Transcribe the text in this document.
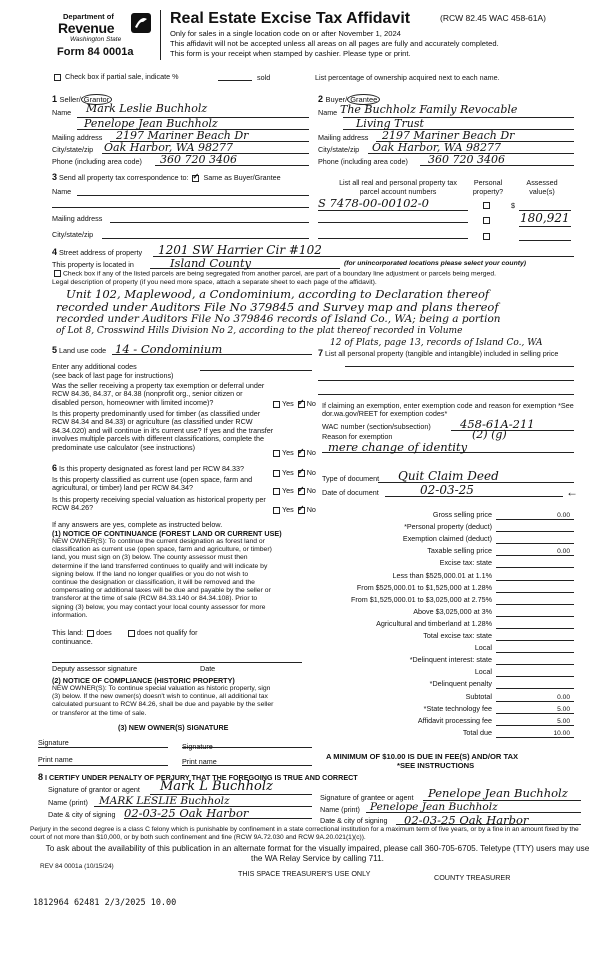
Department of
Revenue
Washington State
Form 84 0001a
Real Estate Excise Tax Affidavit	(RCW 82.45 WAC 458-61A)
Only for sales in a single location code on or after November 1, 2024
This affidavit will not be accepted unless all areas on all pages are fully and accurately completed.
This form is your receipt when stamped by cashier. Please type or print.
Check box if partial sale, indicate %	sold	List percentage of ownership acquired next to each name.
1 Seller/ Grantor
Name Mark Leslie Buchholz
Penelope Jean Buchholz
Mailing address 2197 Mariner Beach Dr
City/state/zip Oak Harbor, WA 98277
Phone (including area code) 360 720 3406
2 Buyer/ Grantee
Name The Buchholz Family Revocable
Living Trust
Mailing address 2197 Mariner Beach Dr
City/state/zip Oak Harbor, WA 98277
Phone (including area code) 360 720 3406
3 Send all property tax correspondence to: ✓ Same as Buyer/Grantee
Name
Mailing address
City/state/zip
List all real and personal property tax
parcel account numbers
Personal
property?
Assessed
value(s)
S 7478-00-00102-0	$
180,921
4 Street address of property 1201 SW Harrier Cir #102
This property is located in	Island County	(for unincorporated locations please select your county)
Check box if any of the listed parcels are being segregated from another parcel, are part of a boundary line adjustment or parcels being merged.
Legal description of property (if you need more space, attach a separate sheet to each page of the affidavit).
Unit 102, Maplewood, a Condominium, according to Declaration thereof
recorded under Auditors File No 379845 and Survey map and plans thereof
recorded under Auditors File No 379846 records of Island Co., WA; being a portion
of Lot 8, Crosswind Hills Division No 2, according to the plat thereof recorded in Volume
12 of Plats, page 13, records of Island Co., WA
5 Land use code 14 - Condominium
Enter any additional codes
(see back of last page for instructions)
Was the seller receiving a property tax exemption or deferral under RCW 84.36, 84.37, or 84.38 (nonprofit org., senior citizen or disabled person, homeowner with limited income)?	Yes ✓ No
Is this property predominantly used for timber (as classified under RCW 84.34 and 84.33) or agriculture (as classified under RCW 84.34.020) and will continue in it's current use? If yes and the transfer involves multiple parcels with different classifications, complete the predominate use calculator (see instructions)
Yes ✓ No
7 List all personal property (tangible and intangible) included in selling price
If claiming an exemption, enter exemption code and reason for exemption *See dor.wa.gov/REET for exemption codes*
WAC number (section/subsection)	458-61A-211
Reason for exemption	(2) (g)
mere change of identity
Type of document Quit Claim Deed
Date of document	02-03-25	←
6 Is this property designated as forest land per RCW 84.33?	Yes ✓ No
Is this property classified as current use (open space, farm and agricultural, or timber) land per RCW 84.34?	Yes ✓ No
Is this property receiving special valuation as historical property per RCW 84.26?	Yes ✓ No
If any answers are yes, complete as instructed below.
(1) NOTICE OF CONTINUANCE (FOREST LAND OR CURRENT USE)
NEW OWNER(S): To continue the current designation as forest land or classification as current use (open space, farm and agriculture, or timber) land, you must sign on (3) below. The county assessor must then determine if the land transferred continues to qualify and will indicate by signing below. If the land no longer qualifies or you do not wish to continue the designation or classification, it will be removed and the compensating or additional taxes will be due and payable by the seller or transferor at the time of sale (RCW 84.33.140 or 84.34.108). Prior to signing (3) below, you may contact your local county assessor for more information.
This land: does	does not qualify for
continuance.
Deputy assessor signature	Date
(2) NOTICE OF COMPLIANCE (HISTORIC PROPERTY)
NEW OWNER(S): To continue special valuation as historic property, sign (3) below. If the new owner(s) doesn't wish to continue, all additional tax calculated pursuant to RCW 84.26, shall be due and payable by the seller or transferor at the time of sale.
(3) NEW OWNER(S) SIGNATURE
Signature	Signature
Print name	Print name
Gross selling price	0.00
*Personal property (deduct)
Exemption claimed (deduct)
Taxable selling price	0.00
Excise tax: state
Less than $525,000.01 at 1.1%
From $525,000.01 to $1,525,000 at 1.28%
From $1,525,000.01 to $3,025,000 at 2.75%
Above $3,025,000 at 3%
Agricultural and timberland at 1.28%
Total excise tax: state
Local
*Delinquent interest: state
Local
*Delinquent penalty
Subtotal	0.00
*State technology fee	5.00
Affidavit processing fee	5.00
Total due	10.00
A MINIMUM OF $10.00 IS DUE IN FEE(S) AND/OR TAX
*SEE INSTRUCTIONS
8 I CERTIFY UNDER PENALTY OF PERJURY THAT THE FOREGOING IS TRUE AND CORRECT
Signature of grantor or agent Mark L Buchholz
Name (print) MARK LESLIE Buchholz
Date & city of signing 02-03-25 Oak Harbor
Signature of grantee or agent Penelope Jean Buchholz
Name (print) Penelope Jean Buchholz
Date & city of signing 02-03-25 Oak Harbor
Perjury in the second degree is a class C felony which is punishable by confinement in a state correctional institution for a maximum term of five years, or by a fine in an amount fixed by the court of not more than $10,000, or by both such confinement and fine (RCW 9A.72.030 and RCW 9A.20.021(1)(c)).
To ask about the availability of this publication in an alternate format for the visually impaired, please call 360-705-6705. Teletype (TTY) users may use the WA Relay Service by calling 711.
REV 84 0001a (10/15/24)
THIS SPACE TREASURER'S USE ONLY	COUNTY TREASURER
1812964 62481 2/3/2025 10.00
